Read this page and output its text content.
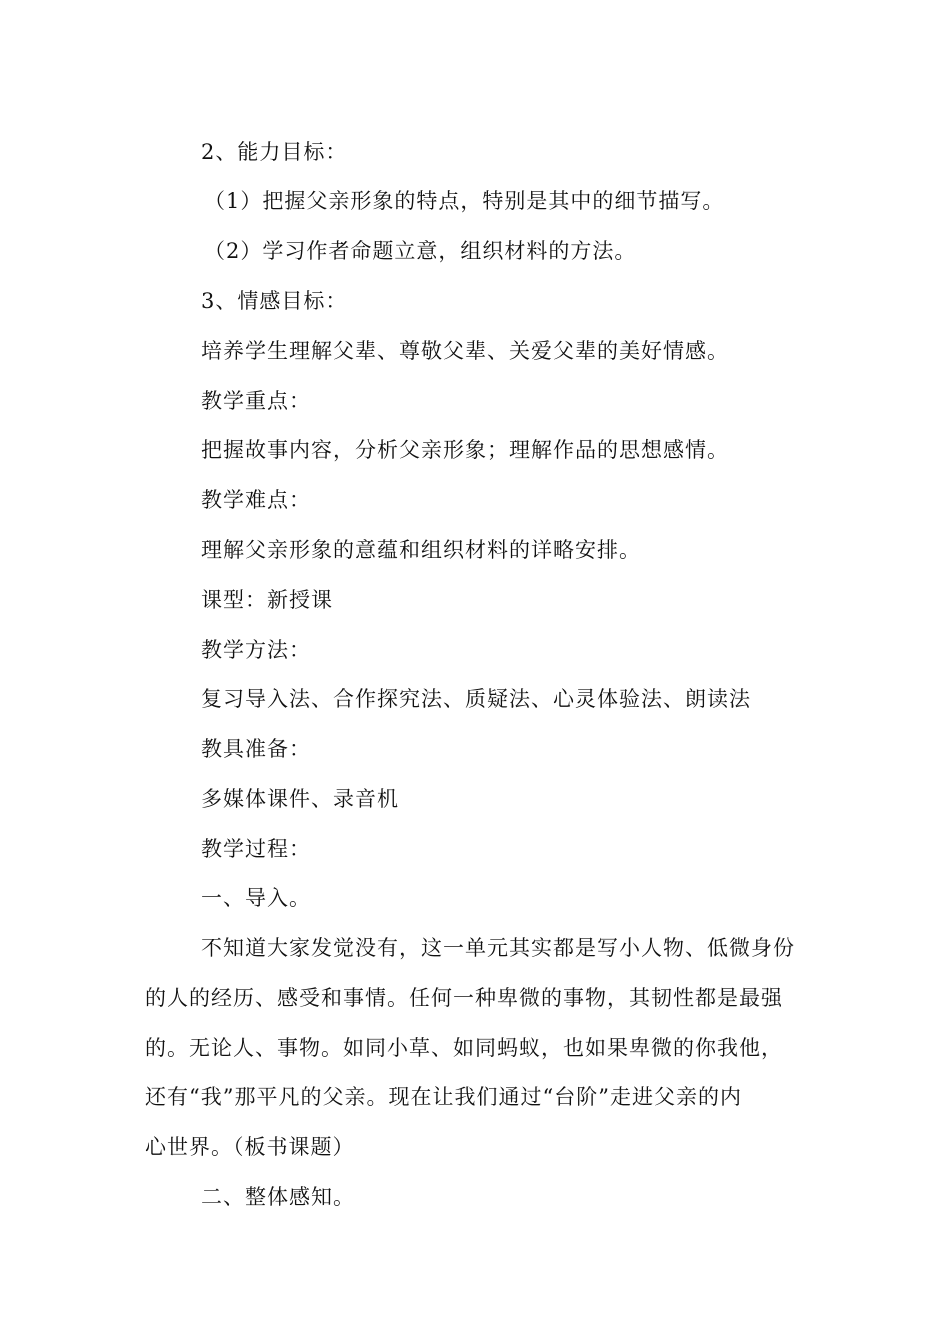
2、能力目标：
（1）把握父亲形象的特点，特别是其中的细节描写。
（2）学习作者命题立意，组织材料的方法。
3、情感目标：
培养学生理解父辈、尊敬父辈、关爱父辈的美好情感。
教学重点：
把握故事内容，分析父亲形象；理解作品的思想感情。
教学难点：
理解父亲形象的意蕴和组织材料的详略安排。
课型：新授课
教学方法：
复习导入法、合作探究法、质疑法、心灵体验法、朗读法
教具准备：
多媒体课件、录音机
教学过程：
一、导入。
不知道大家发觉没有，这一单元其实都是写小人物、低微身份
的人的经历、感受和事情。任何一种卑微的事物，其韧性都是最强
的。无论人、事物。如同小草、如同蚂蚁，也如果卑微的你我他，
还有“我”那平凡的父亲。现在让我们通过“台阶”走进父亲的内
心世界。（板书课题）
二、整体感知。
